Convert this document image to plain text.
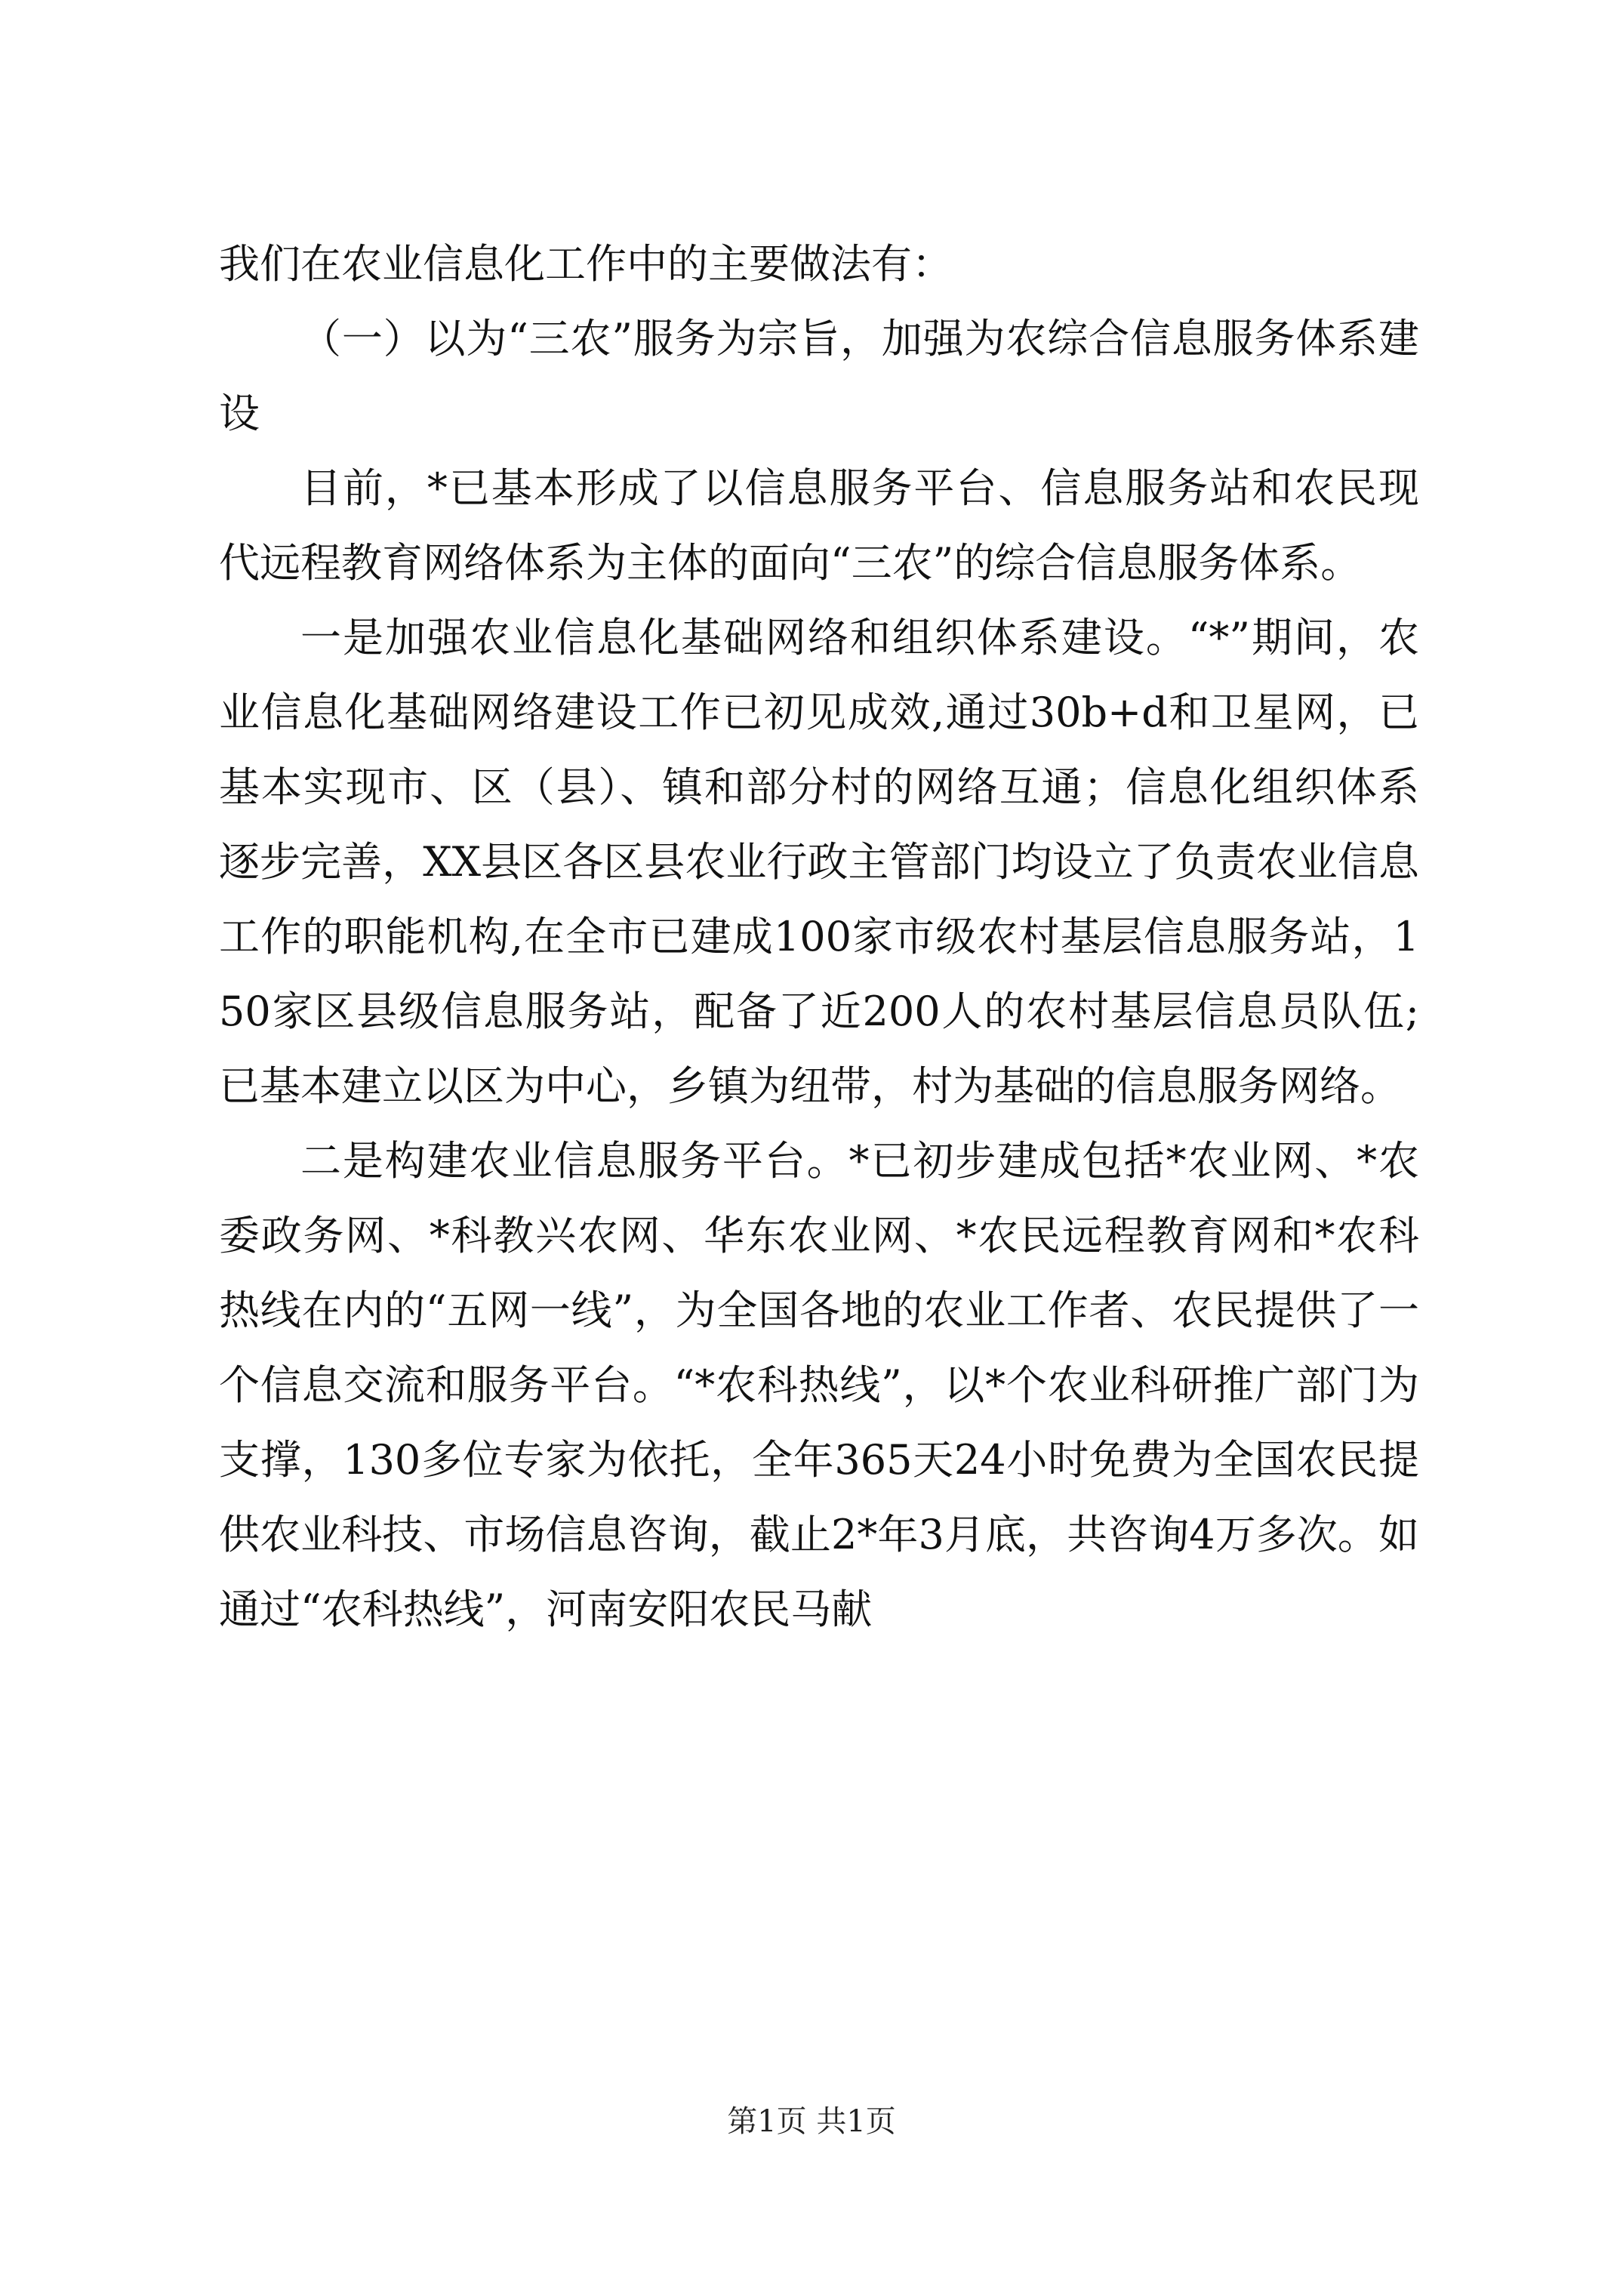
我们在农业信息化工作中的主要做法有：

（一）以为“三农”服务为宗旨，加强为农综合信息服务体系建设

目前，*已基本形成了以信息服务平台、信息服务站和农民现代远程教育网络体系为主体的面向“三农”的综合信息服务体系。

一是加强农业信息化基础网络和组织体系建设。“*”期间，农业信息化基础网络建设工作已初见成效,通过30b+d和卫星网，已基本实现市、区（县）、镇和部分村的网络互通；信息化组织体系逐步完善，XX县区各区县农业行政主管部门均设立了负责农业信息工作的职能机构,在全市已建成100家市级农村基层信息服务站，150家区县级信息服务站，配备了近200人的农村基层信息员队伍;已基本建立以区为中心，乡镇为纽带，村为基础的信息服务网络。

二是构建农业信息服务平台。*已初步建成包括*农业网、*农委政务网、*科教兴农网、华东农业网、*农民远程教育网和*农科热线在内的“五网一线”，为全国各地的农业工作者、农民提供了一个信息交流和服务平台。“*农科热线”，以*个农业科研推广部门为支撑，130多位专家为依托，全年365天24小时免费为全国农民提供农业科技、市场信息咨询，截止2*年3月底，共咨询4万多次。如通过“农科热线”，河南安阳农民马献

第1页 共1页
